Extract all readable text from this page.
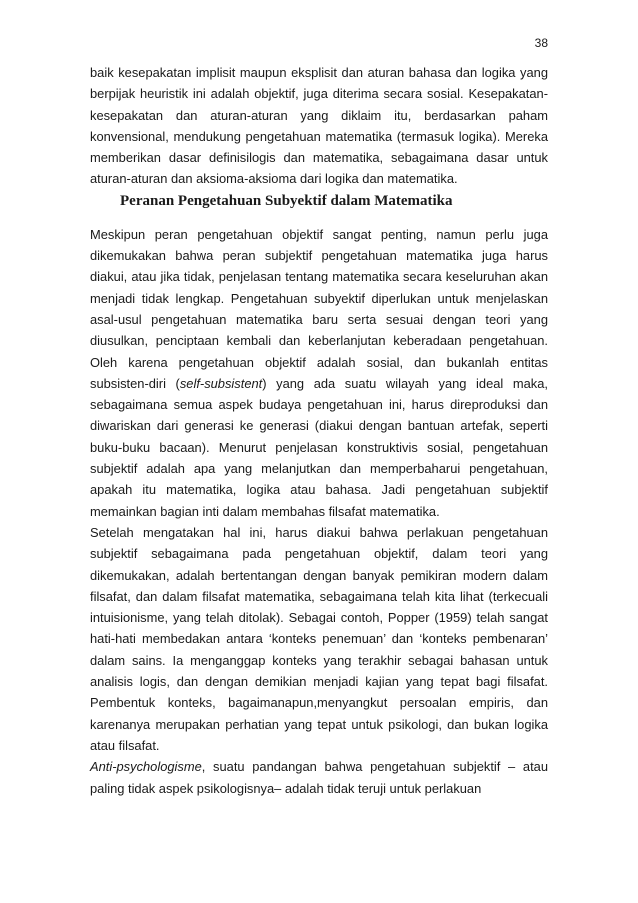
38

baik kesepakatan implisit maupun eksplisit dan aturan bahasa dan logika yang berpijak heuristik ini adalah objektif, juga diterima secara sosial. Kesepakatan-kesepakatan dan aturan-aturan yang diklaim itu, berdasarkan paham konvensional, mendukung pengetahuan matematika (termasuk logika). Mereka memberikan dasar definisilogis dan matematika, sebagaimana dasar untuk aturan-aturan dan aksioma-aksioma dari logika dan matematika.

Peranan Pengetahuan Subyektif dalam Matematika

Meskipun peran pengetahuan objektif sangat penting, namun perlu juga dikemukakan bahwa peran subjektif pengetahuan matematika juga harus diakui, atau jika tidak, penjelasan tentang matematika secara keseluruhan akan menjadi tidak lengkap. Pengetahuan subyektif diperlukan untuk menjelaskan asal-usul pengetahuan matematika baru serta sesuai dengan teori yang diusulkan, penciptaan kembali dan keberlanjutan keberadaan pengetahuan. Oleh karena pengetahuan objektif adalah sosial, dan bukanlah entitas subsisten-diri (self-subsistent) yang ada suatu wilayah yang ideal maka, sebagaimana semua aspek budaya pengetahuan ini, harus direproduksi dan diwariskan dari generasi ke generasi (diakui dengan bantuan artefak, seperti buku-buku bacaan). Menurut penjelasan konstruktivis sosial, pengetahuan subjektif adalah apa yang melanjutkan dan memperbaharui pengetahuan, apakah itu matematika, logika atau bahasa. Jadi pengetahuan subjektif memainkan bagian inti dalam membahas filsafat matematika.

Setelah mengatakan hal ini, harus diakui bahwa perlakuan pengetahuan subjektif sebagaimana pada pengetahuan objektif, dalam teori yang dikemukakan, adalah bertentangan dengan banyak pemikiran modern dalam filsafat, dan dalam filsafat matematika, sebagaimana telah kita lihat (terkecuali intuisionisme, yang telah ditolak). Sebagai contoh, Popper (1959) telah sangat hati-hati membedakan antara ‘konteks penemuan’ dan ‘konteks pembenaran’ dalam sains. Ia menganggap konteks yang terakhir sebagai bahasan untuk analisis logis, dan dengan demikian menjadi kajian yang tepat bagi filsafat. Pembentuk konteks, bagaimanapun,menyangkut persoalan empiris, dan karenanya merupakan perhatian yang tepat untuk psikologi, dan bukan logika atau filsafat.

Anti-psychologisme, suatu pandangan bahwa pengetahuan subjektif – atau paling tidak aspek psikologisnya– adalah tidak teruji untuk perlakuan
